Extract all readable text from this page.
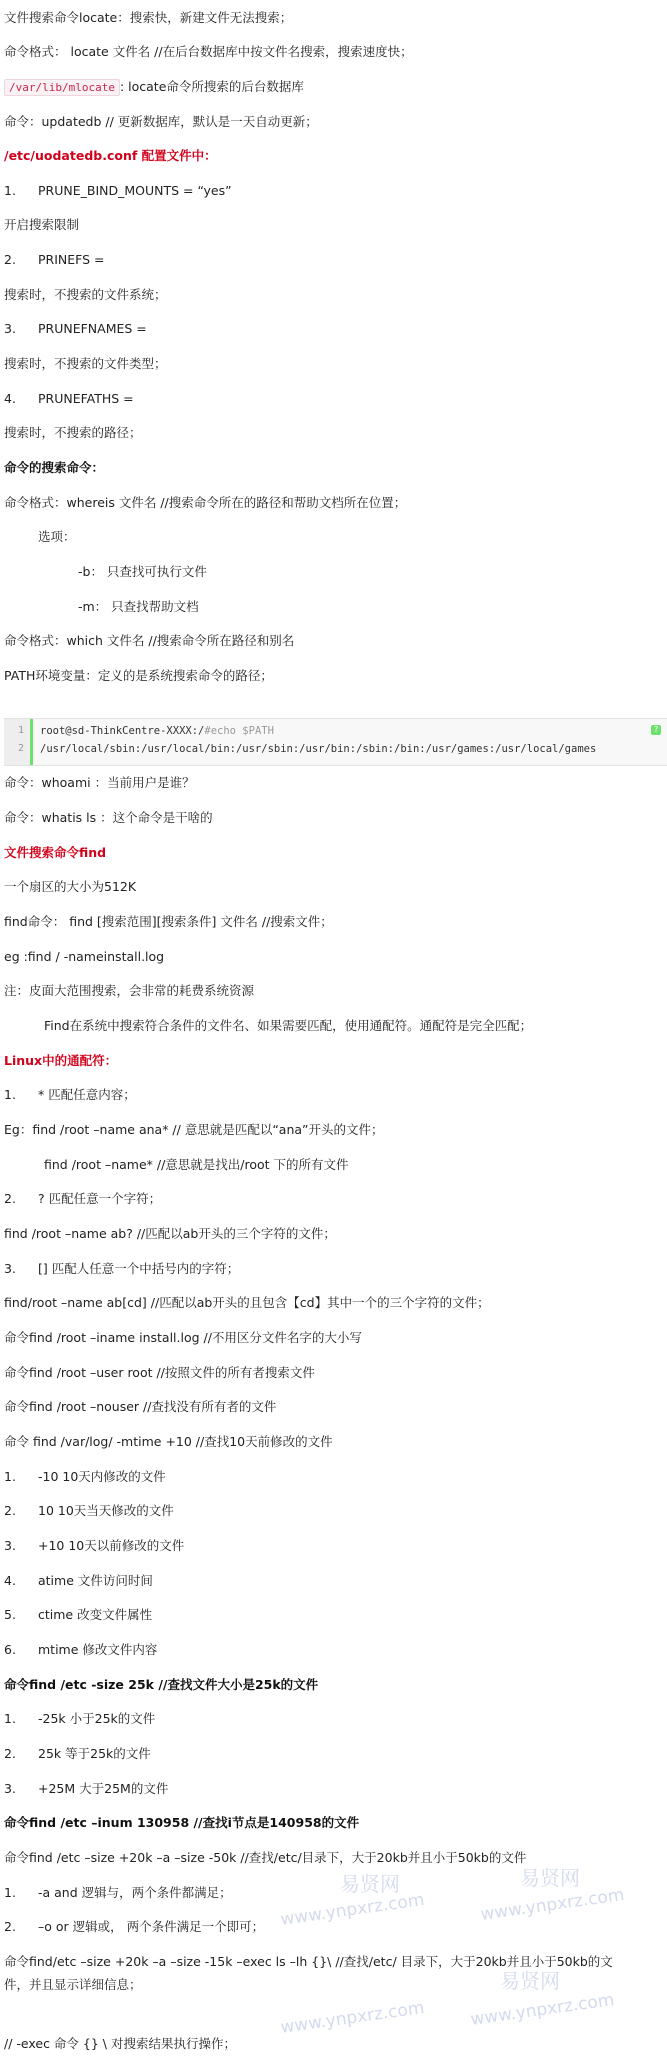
文件搜索命令locate：搜索快，新建文件无法搜索；
命令格式： locate 文件名 //在后台数据库中按文件名搜索，搜索速度快；
/var/lib/mlocate : locate命令所搜索的后台数据库
命令：updatedb // 更新数据库，默认是一天自动更新；
/etc/uodatedb.conf 配置文件中：
1. PRUNE_BIND_MOUNTS = “yes”
开启搜索限制
2. PRINEFS =
搜索时，不搜索的文件系统；
3. PRUNEFNAMES =
搜索时，不搜索的文件类型；
4. PRUNEFATHS =
搜索时，不搜索的路径；
命令的搜索命令：
命令格式：whereis 文件名 //搜索命令所在的路径和帮助文档所在位置；
选项：
-b： 只查找可执行文件
-m： 只查找帮助文档
命令格式：which 文件名 //搜索命令所在路径和别名
PATH环境变量：定义的是系统搜索命令的路径；
1
2
root@sd-ThinkCentre-XXXX:/#echo $PATH
/usr/local/sbin:/usr/local/bin:/usr/sbin:/usr/bin:/sbin:/bin:/usr/games:/usr/local/games
?
命令：whoami ：当前用户是谁？
命令：whatis ls ：这个命令是干啥的
文件搜索命令find
一个扇区的大小为512K
find命令： find [搜索范围][搜索条件] 文件名 //搜索文件；
eg :find / -nameinstall.log
注：皮面大范围搜索，会非常的耗费系统资源
Find在系统中搜索符合条件的文件名、如果需要匹配，使用通配符。通配符是完全匹配；
Linux中的通配符：
1. * 匹配任意内容；
Eg：find /root –name ana* // 意思就是匹配以“ana”开头的文件；
find /root –name* //意思就是找出/root 下的所有文件
2. ? 匹配任意一个字符；
find /root –name ab? //匹配以ab开头的三个字符的文件；
3. [] 匹配人任意一个中括号内的字符；
find/root –name ab[cd] //匹配以ab开头的且包含【cd】其中一个的三个字符的文件；
命令find /root –iname install.log //不用区分文件名字的大小写
命令find /root –user root //按照文件的所有者搜索文件
命令find /root –nouser //查找没有所有者的文件
命令 find /var/log/ -mtime +10 //查找10天前修改的文件
1. -10 10天内修改的文件
2. 10 10天当天修改的文件
3. +10 10天以前修改的文件
4. atime 文件访问时间
5. ctime 改变文件属性
6. mtime 修改文件内容
命令find /etc -size 25k //查找文件大小是25k的文件
1. -25k 小于25k的文件
2. 25k 等于25k的文件
3. +25M 大于25M的文件
命令find /etc –inum 130958 //查找i节点是140958的文件
命令find /etc –size +20k –a –size -50k //查找/etc/目录下，大于20kb并且小于50kb的文件
1. -a and 逻辑与，两个条件都满足；
2. –o or 逻辑或， 两个条件满足一个即可；
命令find/etc –size +20k –a –size -15k –exec ls –lh {}\ //查找/etc/ 目录下，大于20kb并且小于50kb的文
件，并且显示详细信息；
// -exec 命令 {} \ 对搜索结果执行操作；
易贤网	易贤网
www.ynpxrz.com	www.ynpxrz.com
易贤网
www.ynpxrz.com	www.ynpxrz.com
